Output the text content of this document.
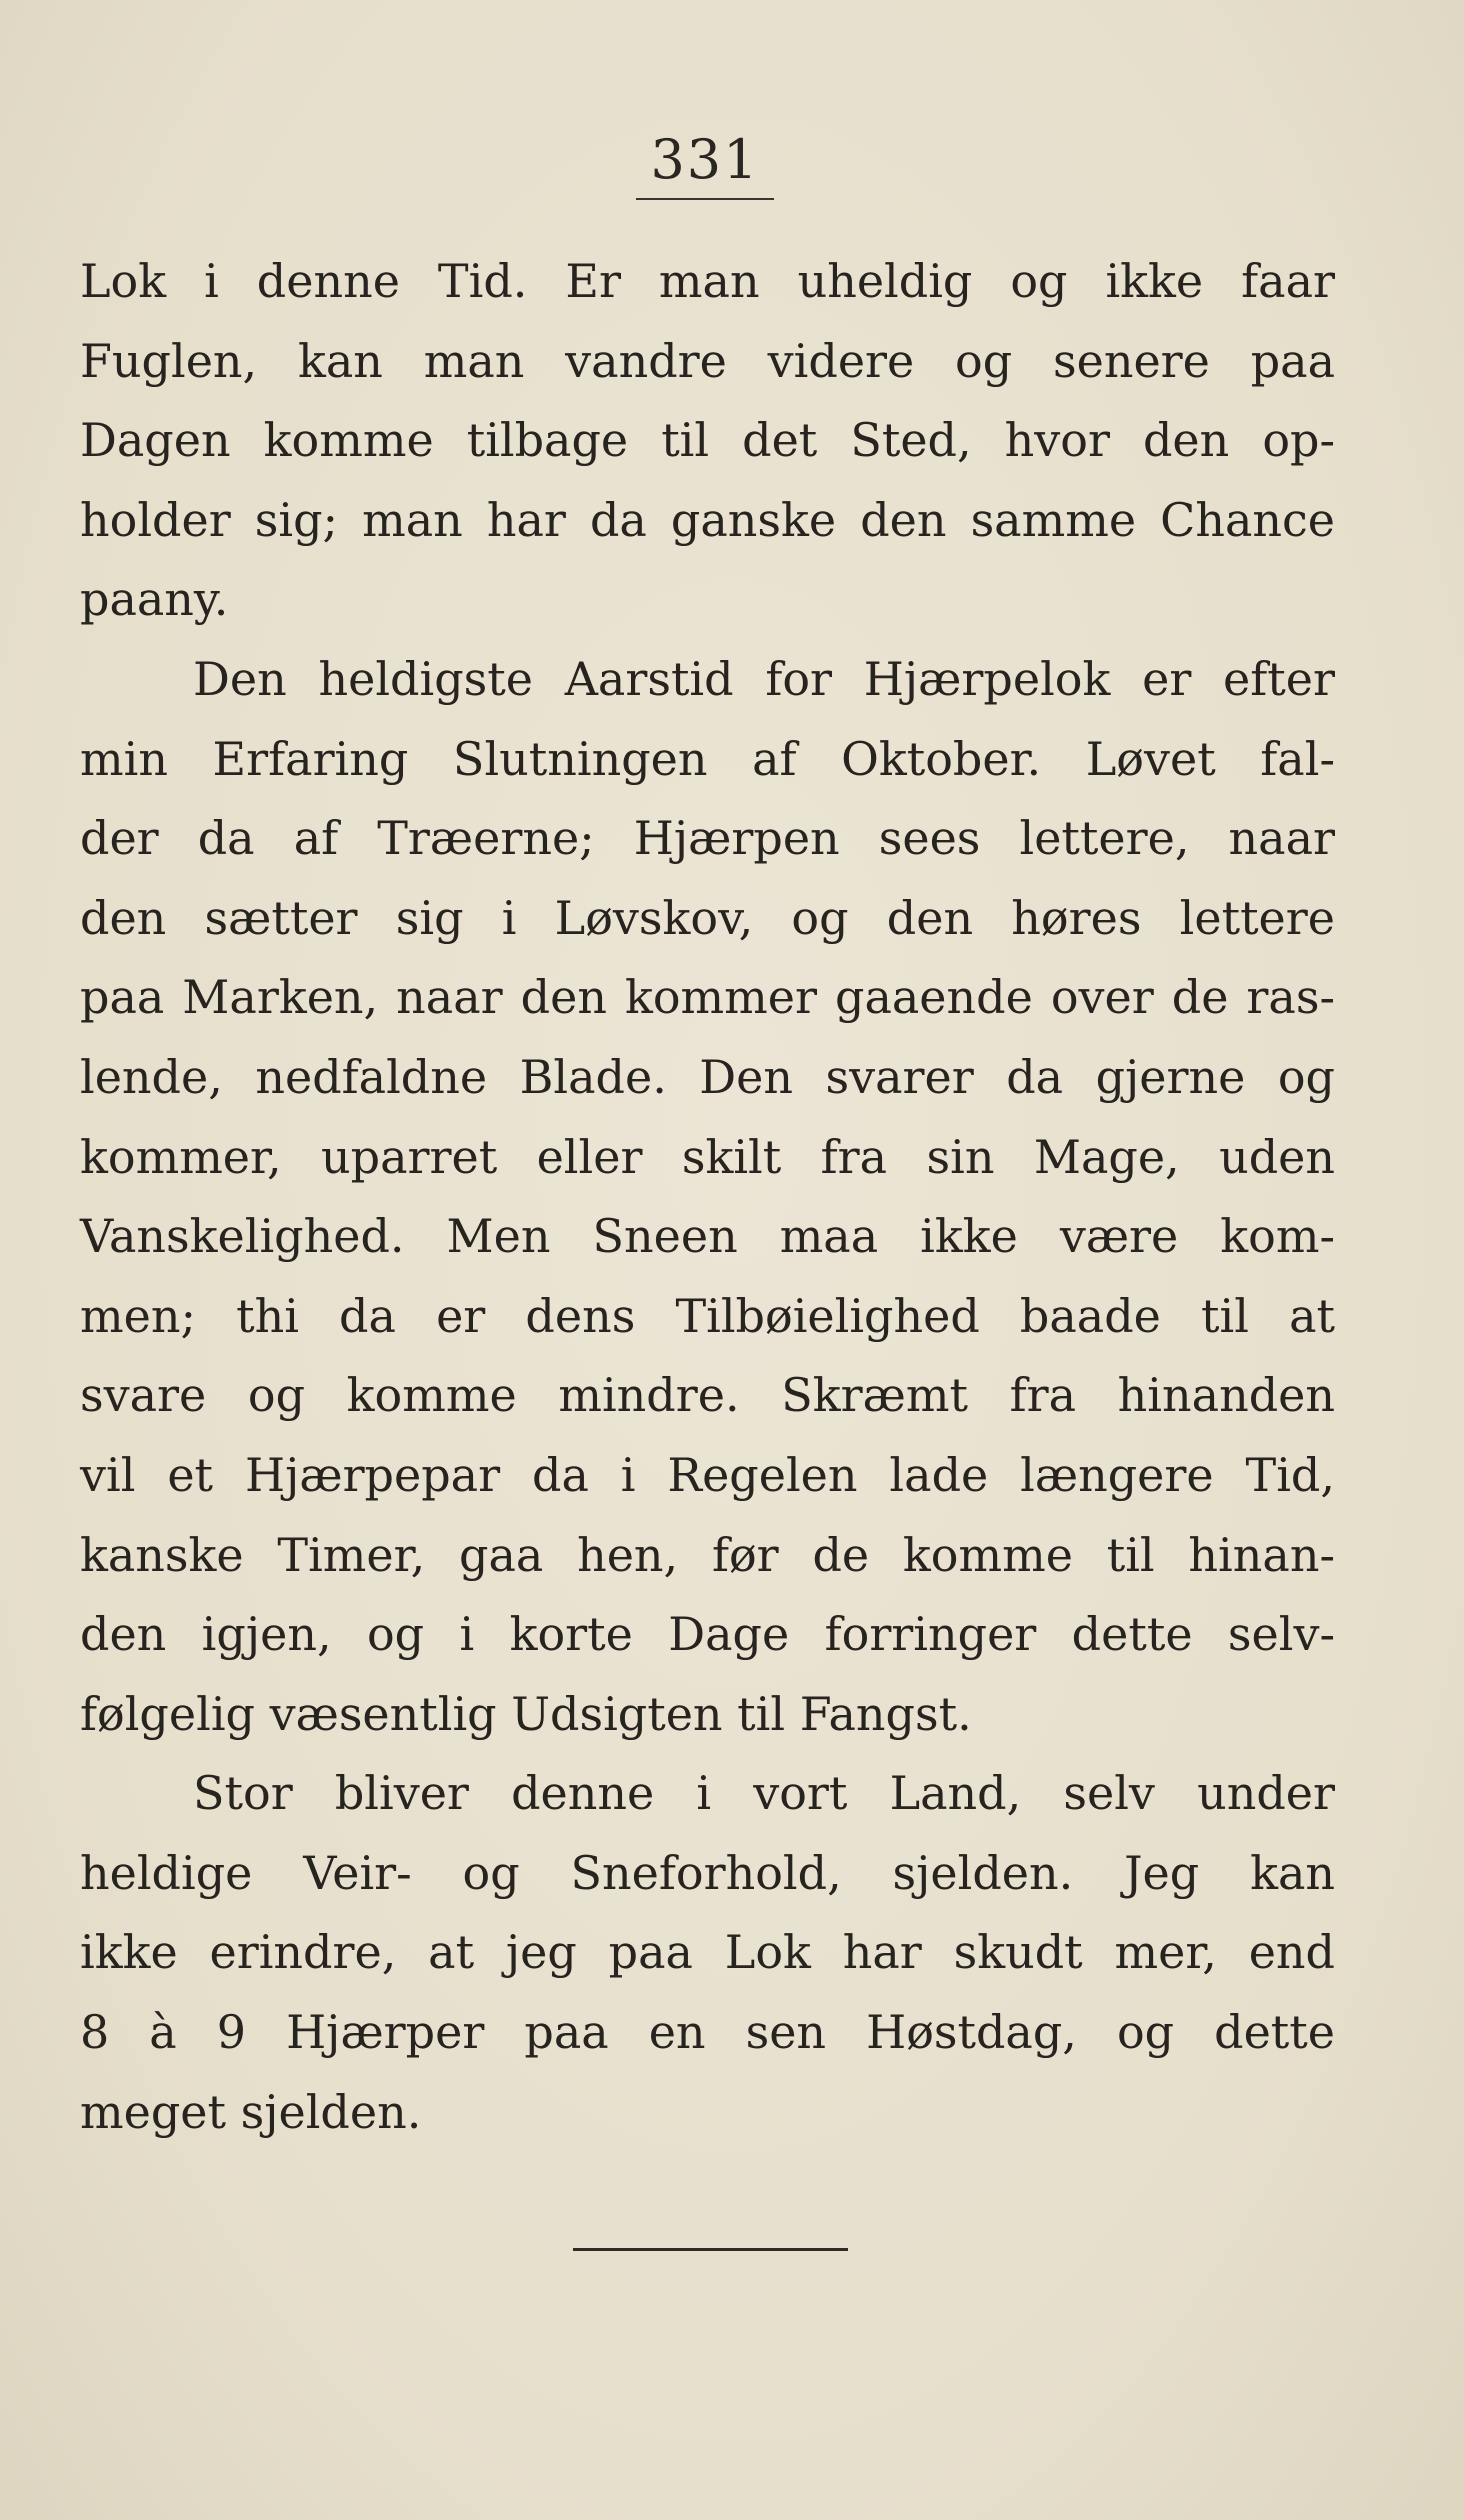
331
Lok i denne Tid. Er man uheldig og ikke faar
Fuglen, kan man vandre videre og senere paa
Dagen komme tilbage til det Sted, hvor den op-
holder sig; man har da ganske den samme Chance
paany.
Den heldigste Aarstid for Hjærpelok er efter
min Erfaring Slutningen af Oktober. Løvet fal-
der da af Træerne; Hjærpen sees lettere, naar
den sætter sig i Løvskov, og den høres lettere
paa Marken, naar den kommer gaaende over de ras-
lende, nedfaldne Blade. Den svarer da gjerne og
kommer, uparret eller skilt fra sin Mage, uden
Vanskelighed. Men Sneen maa ikke være kom-
men; thi da er dens Tilbøielighed baade til at
svare og komme mindre. Skræmt fra hinanden
vil et Hjærpepar da i Regelen lade længere Tid,
kanske Timer, gaa hen, før de komme til hinan-
den igjen, og i korte Dage forringer dette selv-
følgelig væsentlig Udsigten til Fangst.
Stor bliver denne i vort Land, selv under
heldige Veir- og Sneforhold, sjelden. Jeg kan
ikke erindre, at jeg paa Lok har skudt mer, end
8 à 9 Hjærper paa en sen Høstdag, og dette
meget sjelden.
